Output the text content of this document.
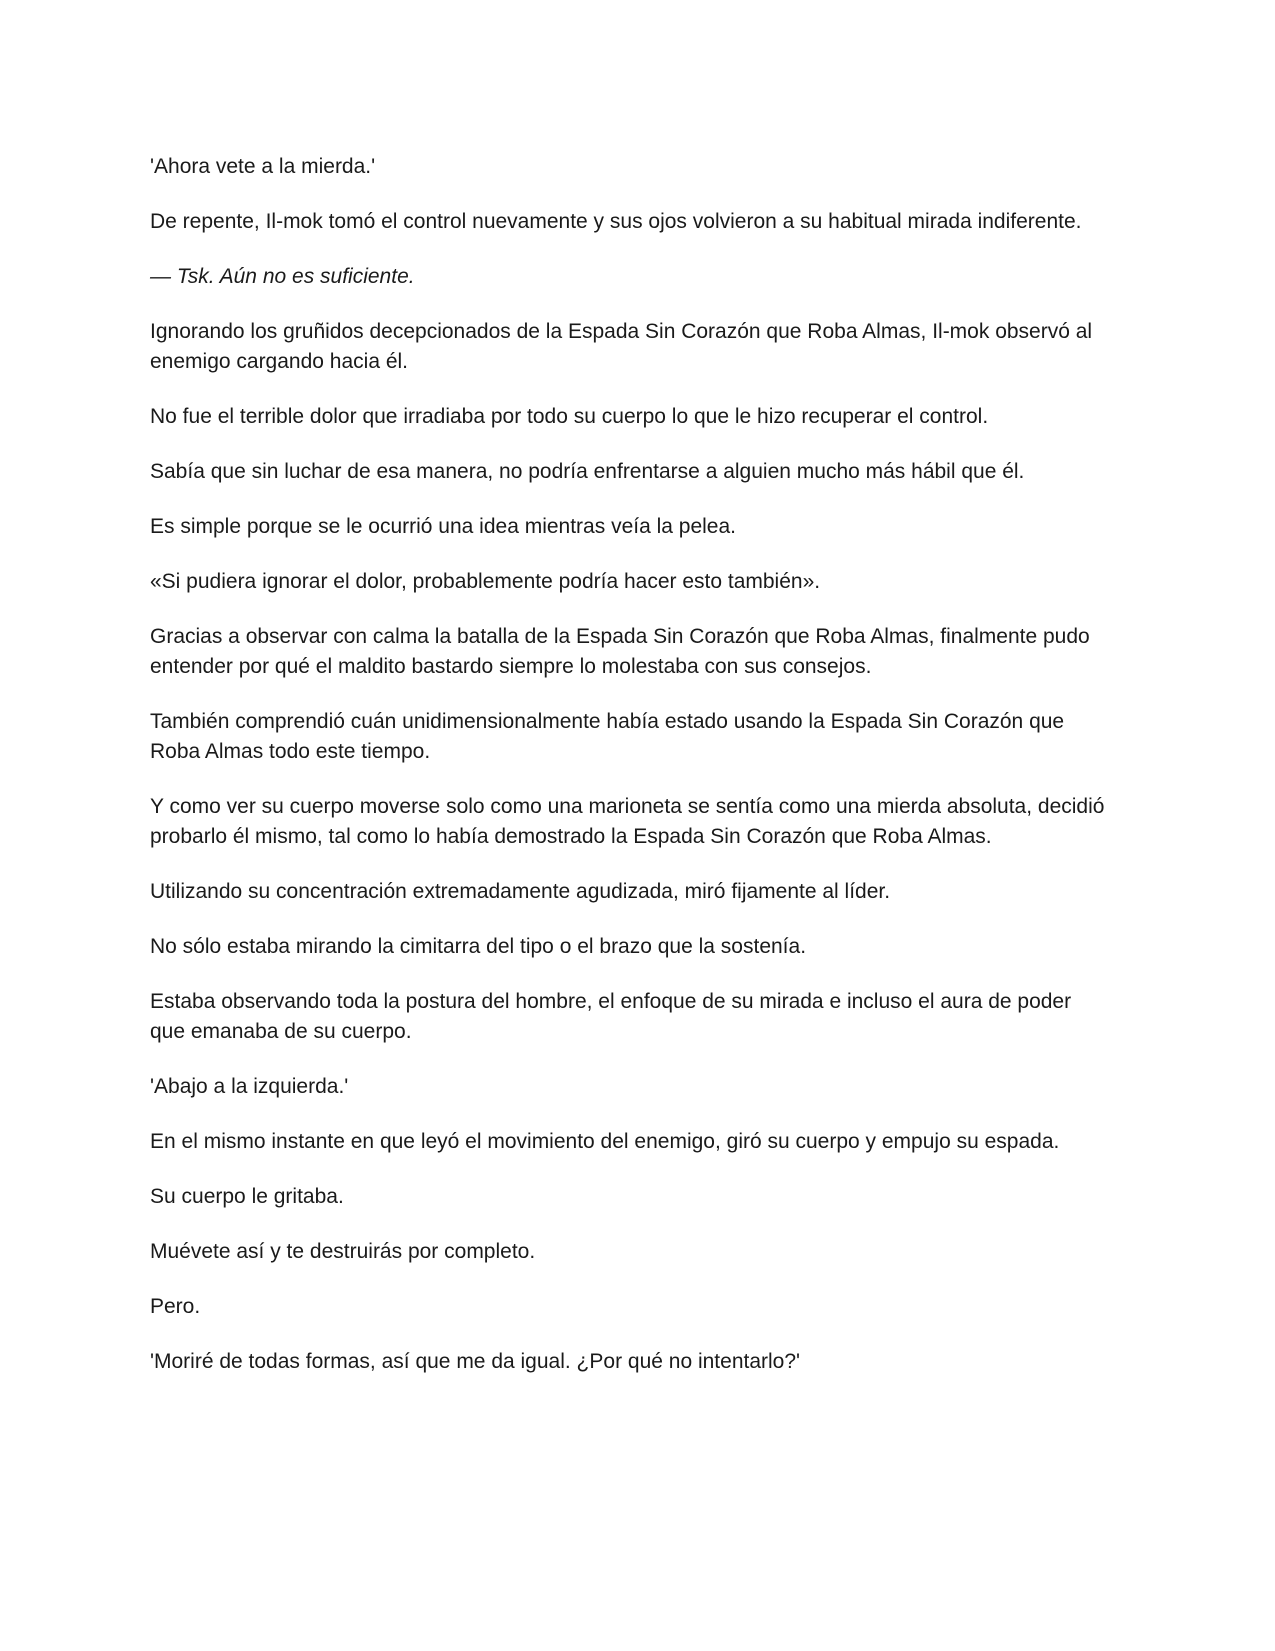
'Ahora vete a la mierda.'

De repente, Il-mok tomó el control nuevamente y sus ojos volvieron a su habitual mirada indiferente.

— Tsk. Aún no es suficiente.

Ignorando los gruñidos decepcionados de la Espada Sin Corazón que Roba Almas, Il-mok observó al enemigo cargando hacia él.

No fue el terrible dolor que irradiaba por todo su cuerpo lo que le hizo recuperar el control.

Sabía que sin luchar de esa manera, no podría enfrentarse a alguien mucho más hábil que él.

Es simple porque se le ocurrió una idea mientras veía la pelea.

«Si pudiera ignorar el dolor, probablemente podría hacer esto también».

Gracias a observar con calma la batalla de la Espada Sin Corazón que Roba Almas, finalmente pudo entender por qué el maldito bastardo siempre lo molestaba con sus consejos.

También comprendió cuán unidimensionalmente había estado usando la Espada Sin Corazón que Roba Almas todo este tiempo.

Y como ver su cuerpo moverse solo como una marioneta se sentía como una mierda absoluta, decidió probarlo él mismo, tal como lo había demostrado la Espada Sin Corazón que Roba Almas.

Utilizando su concentración extremadamente agudizada, miró fijamente al líder.

No sólo estaba mirando la cimitarra del tipo o el brazo que la sostenía.

Estaba observando toda la postura del hombre, el enfoque de su mirada e incluso el aura de poder que emanaba de su cuerpo.

'Abajo a la izquierda.'

En el mismo instante en que leyó el movimiento del enemigo, giró su cuerpo y empujo su espada.

Su cuerpo le gritaba.

Muévete así y te destruirás por completo.

Pero.

'Moriré de todas formas, así que me da igual. ¿Por qué no intentarlo?'
